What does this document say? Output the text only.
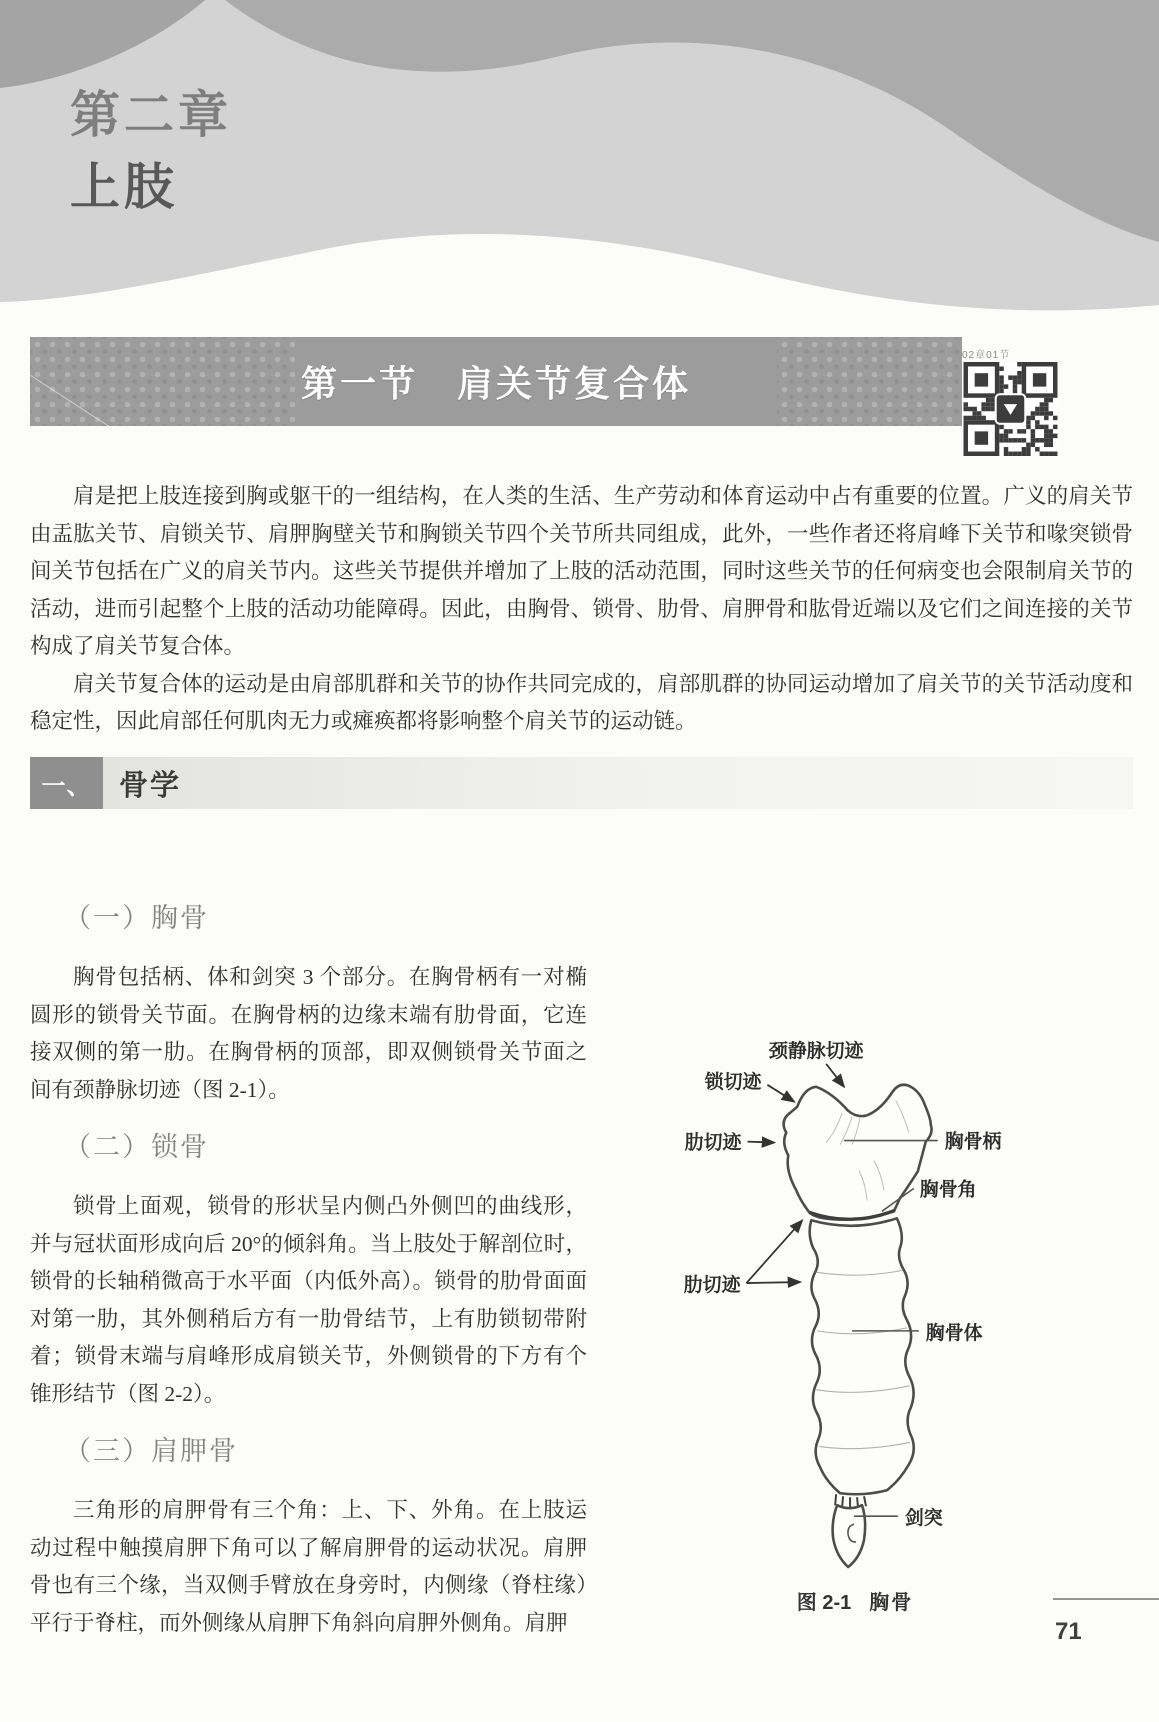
第二章
上肢
第一节　肩关节复合体
02章01节

肩是把上肢连接到胸或躯干的一组结构，在人类的生活、生产劳动和体育运动中占有重要的位置。广义的肩关节由盂肱关节、肩锁关节、肩胛胸壁关节和胸锁关节四个关节所共同组成，此外，一些作者还将肩峰下关节和喙突锁骨间关节包括在广义的肩关节内。这些关节提供并增加了上肢的活动范围，同时这些关节的任何病变也会限制肩关节的活动，进而引起整个上肢的活动功能障碍。因此，由胸骨、锁骨、肋骨、肩胛骨和肱骨近端以及它们之间连接的关节构成了肩关节复合体。

肩关节复合体的运动是由肩部肌群和关节的协作共同完成的，肩部肌群的协同运动增加了肩关节的关节活动度和稳定性，因此肩部任何肌肉无力或瘫痪都将影响整个肩关节的运动链。

一、 骨学
（一）胸骨
颈静脉切迹
锁切迹
肋切迹	胸骨柄
胸骨角
肋切迹
胸骨体
剑突
图 2-1 胸骨

胸骨包括柄、体和剑突 3 个部分。在胸骨柄有一对椭圆形的锁骨关节面。在胸骨柄的边缘末端有肋骨面，它连接双侧的第一肋。在胸骨柄的顶部，即双侧锁骨关节面之间有颈静脉切迹（图 2-1）。

（二）锁骨

锁骨上面观，锁骨的形状呈内侧凸外侧凹的曲线形，并与冠状面形成向后 20°的倾斜角。当上肢处于解剖位时，锁骨的长轴稍微高于水平面（内低外高）。锁骨的肋骨面面对第一肋，其外侧稍后方有一肋骨结节，上有肋锁韧带附着；锁骨末端与肩峰形成肩锁关节，外侧锁骨的下方有个锥形结节（图 2-2）。

（三）肩胛骨

三角形的肩胛骨有三个角：上、下、外角。在上肢运动过程中触摸肩胛下角可以了解肩胛骨的运动状况。肩胛骨也有三个缘，当双侧手臂放在身旁时，内侧缘（脊柱缘）平行于脊柱，而外侧缘从肩胛下角斜向肩胛外侧角。肩胛	71
